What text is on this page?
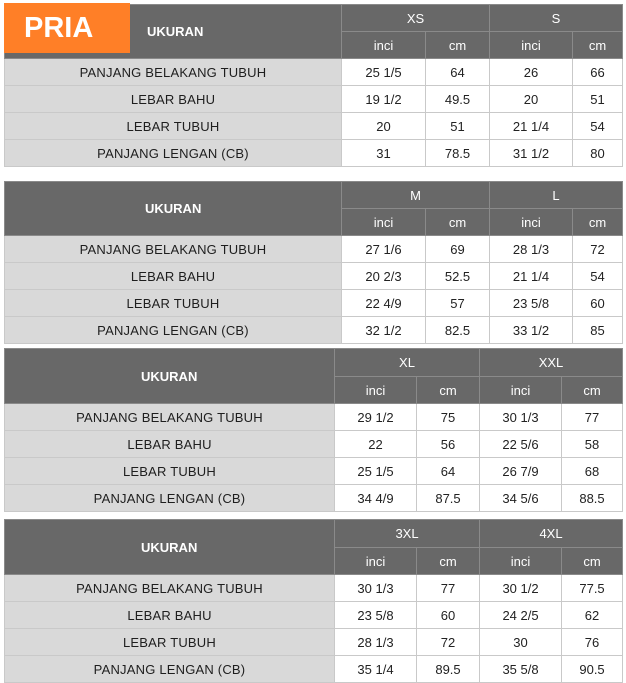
UKURAN	XS		S	
	inci	cm	inci	cm
PANJANG BELAKANG TUBUH	25 1/5	64	26	66
LEBAR BAHU	19 1/2	49.5	20	51
LEBAR TUBUH	20	51	21 1/4	54
PANJANG LENGAN (CB)	31	78.5	31 1/2	80
PRIA
UKURAN	M		L	
	inci	cm	inci	cm
PANJANG BELAKANG TUBUH	27 1/6	69	28 1/3	72
LEBAR BAHU	20 2/3	52.5	21 1/4	54
LEBAR TUBUH	22 4/9	57	23 5/8	60
PANJANG LENGAN (CB)	32 1/2	82.5	33 1/2	85
UKURAN	XL		XXL	
	inci	cm	inci	cm
PANJANG BELAKANG TUBUH	29 1/2	75	30 1/3	77
LEBAR BAHU	22	56	22 5/6	58
LEBAR TUBUH	25 1/5	64	26 7/9	68
PANJANG LENGAN (CB)	34 4/9	87.5	34 5/6	88.5
UKURAN	3XL		4XL	
	inci	cm	inci	cm
PANJANG BELAKANG TUBUH	30 1/3	77	30 1/2	77.5
LEBAR BAHU	23 5/8	60	24 2/5	62
LEBAR TUBUH	28 1/3	72	30	76
PANJANG LENGAN (CB)	35 1/4	89.5	35 5/8	90.5
